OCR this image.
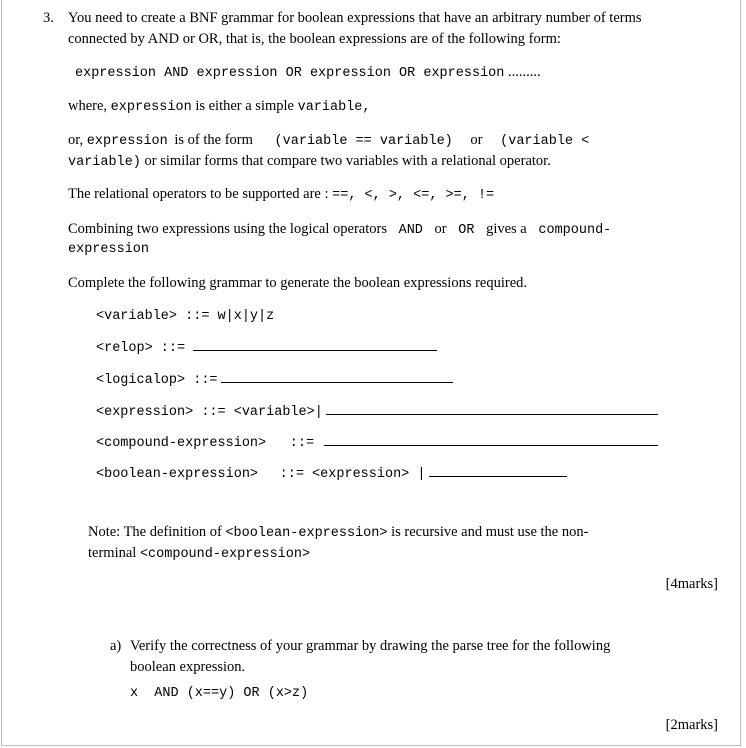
3. You need to create a BNF grammar for boolean expressions that have an arbitrary number of terms
connected by AND or OR, that is, the boolean expressions are of the following form:
expression AND expression OR expression OR expression .........
where, expression is either a simple variable,
or, expression is of the form (variable == variable) or (variable <
variable) or similar forms that compare two variables with a relational operator.
The relational operators to be supported are : ==, <, >, <=, >=, !=
Combining two expressions using the logical operators AND or OR gives a compound-
expression
Complete the following grammar to generate the boolean expressions required.
<variable> ::= w|x|y|z
<relop> ::=
<logicalop> ::=
<expression> ::= <variable>|
<compound-expression> ::=
<boolean-expression> ::= <expression> |
Note: The definition of <boolean-expression> is recursive and must use the non-
terminal <compound-expression>
[4marks]
a) Verify the correctness of your grammar by drawing the parse tree for the following
boolean expression.
x  AND (x==y) OR (x>z)
[2marks]
